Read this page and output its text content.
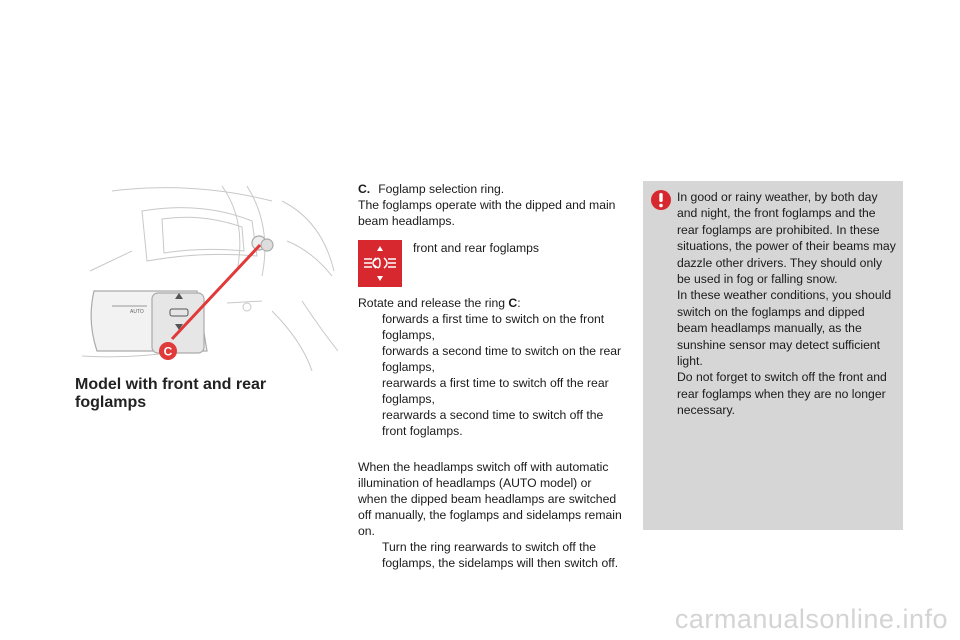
AUTO
C
Model with front and rear foglamps

C. Foglamp selection ring.

The foglamps operate with the dipped and main beam headlamps.

front and rear foglamps

Rotate and release the ring C:

forwards a first time to switch on the front foglamps,
forwards a second time to switch on the rear foglamps,
rearwards a first time to switch off the rear foglamps,
rearwards a second time to switch off the front foglamps.

When the headlamps switch off with automatic illumination of headlamps (AUTO model) or when the dipped beam headlamps are switched off manually, the foglamps and sidelamps remain on.

Turn the ring rearwards to switch off the foglamps, the sidelamps will then switch off.
In good or rainy weather, by both day and night, the front foglamps and the rear foglamps are prohibited. In these situations, the power of their beams may dazzle other drivers. They should only be used in fog or falling snow.
In these weather conditions, you should switch on the foglamps and dipped beam headlamps manually, as the sunshine sensor may detect sufficient light.
Do not forget to switch off the front and rear foglamps when they are no longer necessary.
carmanualsonline.info
